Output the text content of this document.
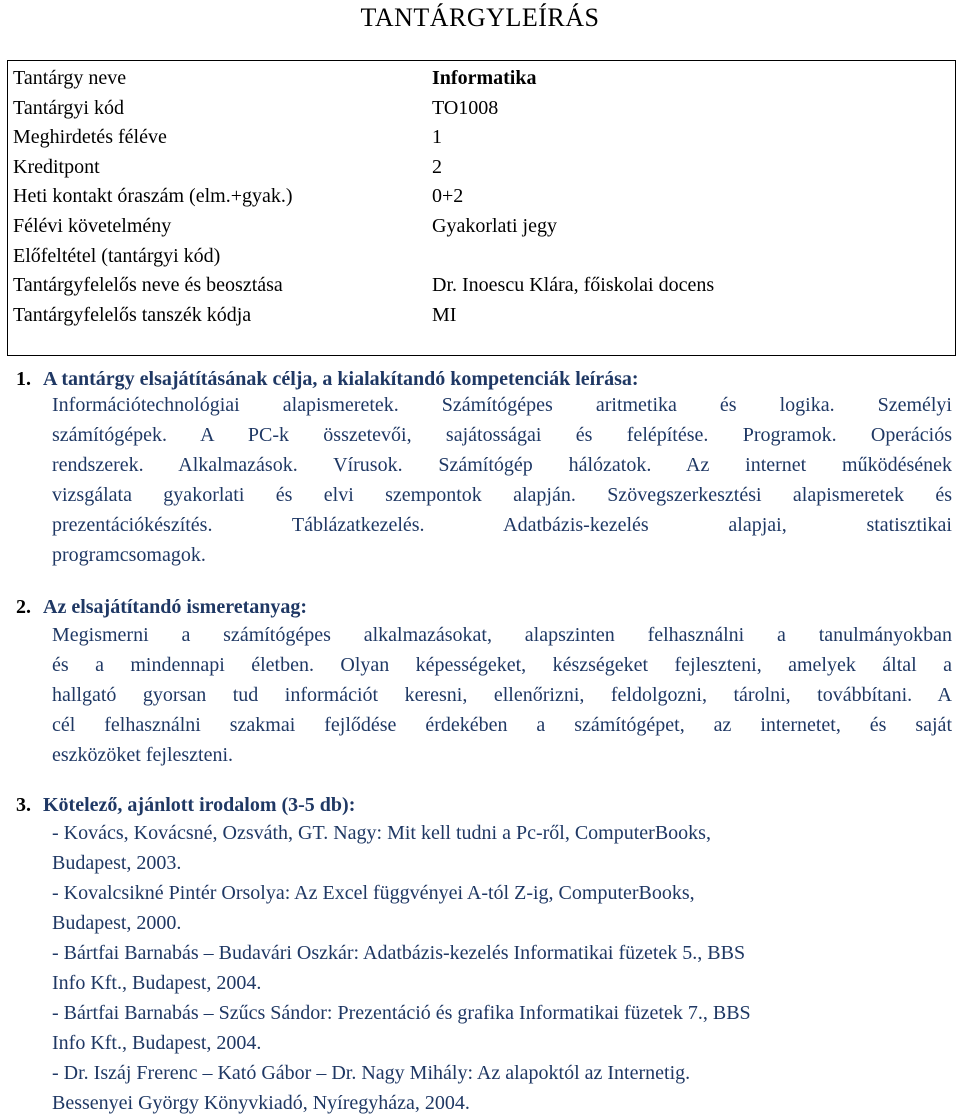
TANTÁRGYLEÍRÁS
Tantárgy neve	Informatika
Tantárgyi kód	TO1008
Meghirdetés féléve	1
Kreditpont	2
Heti kontakt óraszám (elm.+gyak.)	0+2
Félévi követelmény	Gyakorlati jegy
Előfeltétel (tantárgyi kód)
Tantárgyfelelős neve és beosztása	Dr. Inoescu Klára, főiskolai docens
Tantárgyfelelős tanszék kódja	MI
1. A tantárgy elsajátításának célja, a kialakítandó kompetenciák leírása:
Információtechnológiai alapismeretek. Számítógépes aritmetika és logika. Személyi
számítógépek. A PC-k összetevői, sajátosságai és felépítése. Programok. Operációs
rendszerek. Alkalmazások. Vírusok. Számítógép hálózatok. Az internet működésének
vizsgálata gyakorlati és elvi szempontok alapján. Szövegszerkesztési alapismeretek és
prezentációkészítés. Táblázatkezelés. Adatbázis-kezelés alapjai, statisztikai
programcsomagok.
2. Az elsajátítandó ismeretanyag:
Megismerni a számítógépes alkalmazásokat, alapszinten felhasználni a tanulmányokban
és a mindennapi életben. Olyan képességeket, készségeket fejleszteni, amelyek által a
hallgató gyorsan tud információt keresni, ellenőrizni, feldolgozni, tárolni, továbbítani. A
cél felhasználni szakmai fejlődése érdekében a számítógépet, az internetet, és saját
eszközöket fejleszteni.
3. Kötelező, ajánlott irodalom (3-5 db):
- Kovács, Kovácsné, Ozsváth, GT. Nagy: Mit kell tudni a Pc-ről, ComputerBooks,
Budapest, 2003.
- Kovalcsikné Pintér Orsolya: Az Excel függvényei A-tól Z-ig, ComputerBooks,
Budapest, 2000.
- Bártfai Barnabás – Budavári Oszkár: Adatbázis-kezelés Informatikai füzetek 5., BBS
Info Kft., Budapest, 2004.
- Bártfai Barnabás – Szűcs Sándor: Prezentáció és grafika Informatikai füzetek 7., BBS
Info Kft., Budapest, 2004.
- Dr. Iszáj Frerenc – Kató Gábor – Dr. Nagy Mihály: Az alapoktól az Internetig.
Bessenyei György Könyvkiadó, Nyíregyháza, 2004.
